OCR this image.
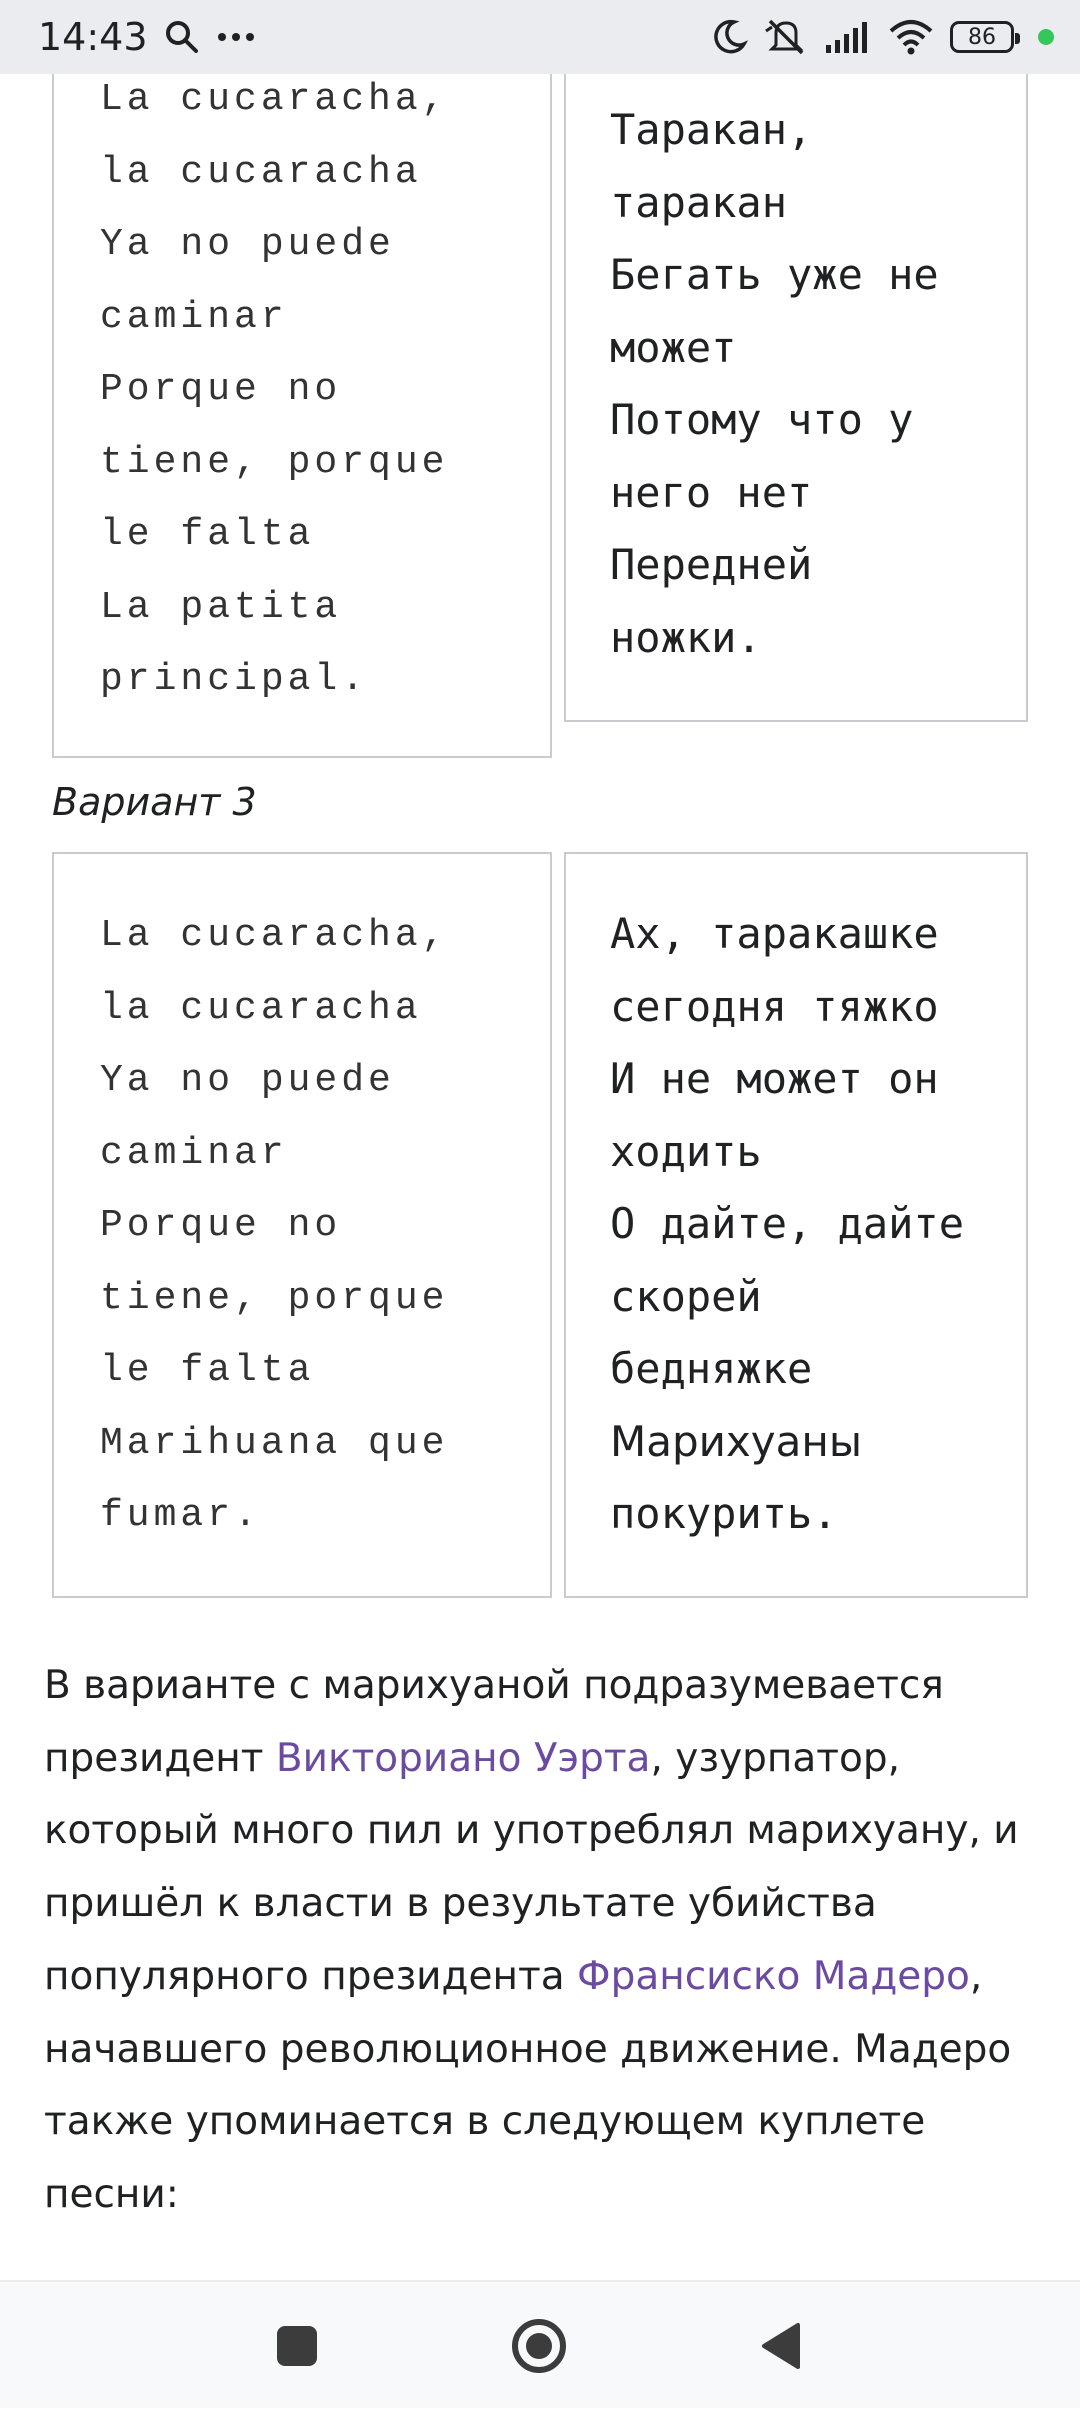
14:43	86
La cucaracha,
la cucaracha
Ya no puede
caminar
Porque no
tiene, porque
le falta
La patita
principal.
Таракан,
таракан
Бегать уже не
может
Потому что у
него нет
Передней
ножки.
Вариант 3
La cucaracha,
la cucaracha
Ya no puede
caminar
Porque no
tiene, porque
le falta
Marihuana que
fumar.
Ах, таракашке
сегодня тяжко
И не может он
ходить
О дайте, дайте
скорей
бедняжке
Марихуаны
покурить.
В варианте с марихуаной подразумевается
президент Викториано Уэрта, узурпатор,
который много пил и употреблял марихуану, и
пришёл к власти в результате убийства
популярного президента Франсиско Мадеро,
начавшего революционное движение. Мадеро
также упоминается в следующем куплете
песни:
